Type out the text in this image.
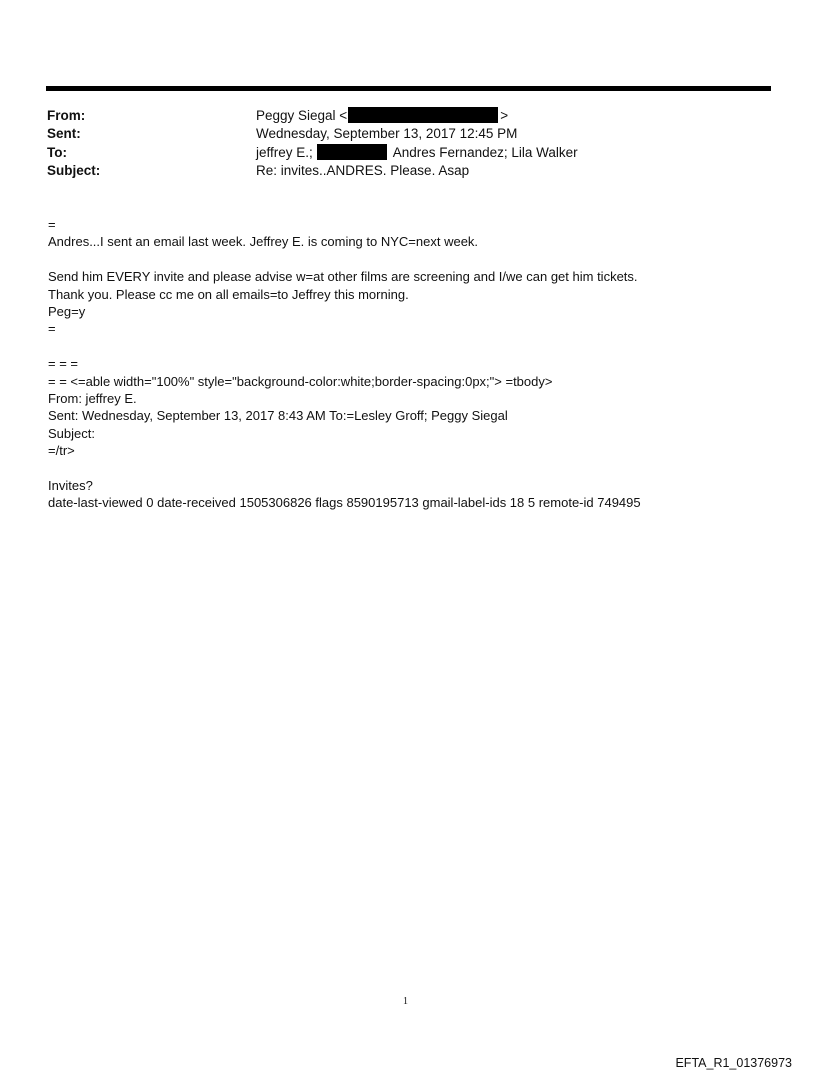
From:	Peggy Siegal <	>
Sent:	Wednesday, September 13, 2017 12:45 PM
To:	jeffrey E.;	Andres Fernandez; Lila Walker
Subject:	Re: invites..ANDRES. Please. Asap

=

Andres...I sent an email last week. Jeffrey E. is coming to NYC=next week.

Send him EVERY invite and please advise w=at other films are screening and I/we can get him tickets.

Thank you. Please cc me on all emails=to Jeffrey this morning.

Peg=y

=

= = =

= = <=able width="100%" style="background-color:white;border-spacing:0px;"> =tbody>

From: jeffrey E.

Sent: Wednesday, September 13, 2017 8:43 AM To:=Lesley Groff; Peggy Siegal

Subject:

=/tr>

Invites?

date-last-viewed 0 date-received 1505306826 flags 8590195713 gmail-label-ids 18 5 remote-id 749495

1
EFTA_R1_01376973
